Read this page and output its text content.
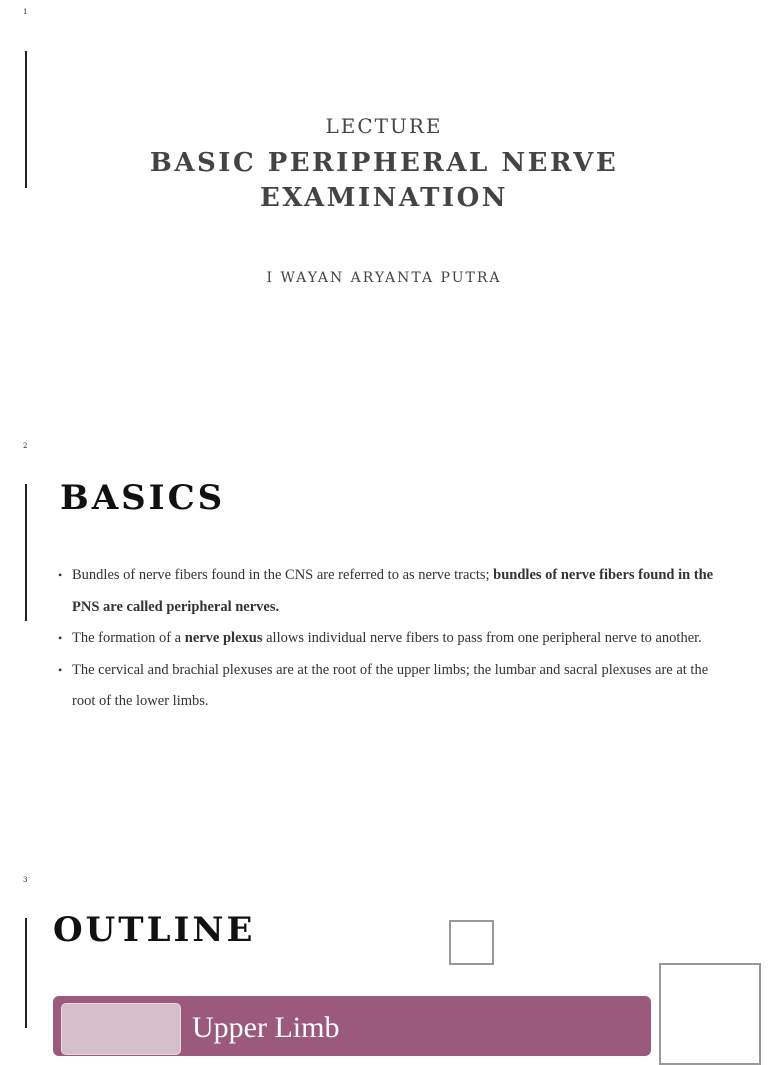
1
LECTURE
BASIC PERIPHERAL NERVE EXAMINATION
I WAYAN ARYANTA PUTRA
2
BASICS
• Bundles of nerve fibers found in the CNS are referred to as nerve tracts; bundles of nerve fibers found in the PNS are called peripheral nerves.
• The formation of a nerve plexus allows individual nerve fibers to pass from one peripheral nerve to another.
• The cervical and brachial plexuses are at the root of the upper limbs; the lumbar and sacral plexuses are at the root of the lower limbs.
3
OUTLINE
Upper Limb
